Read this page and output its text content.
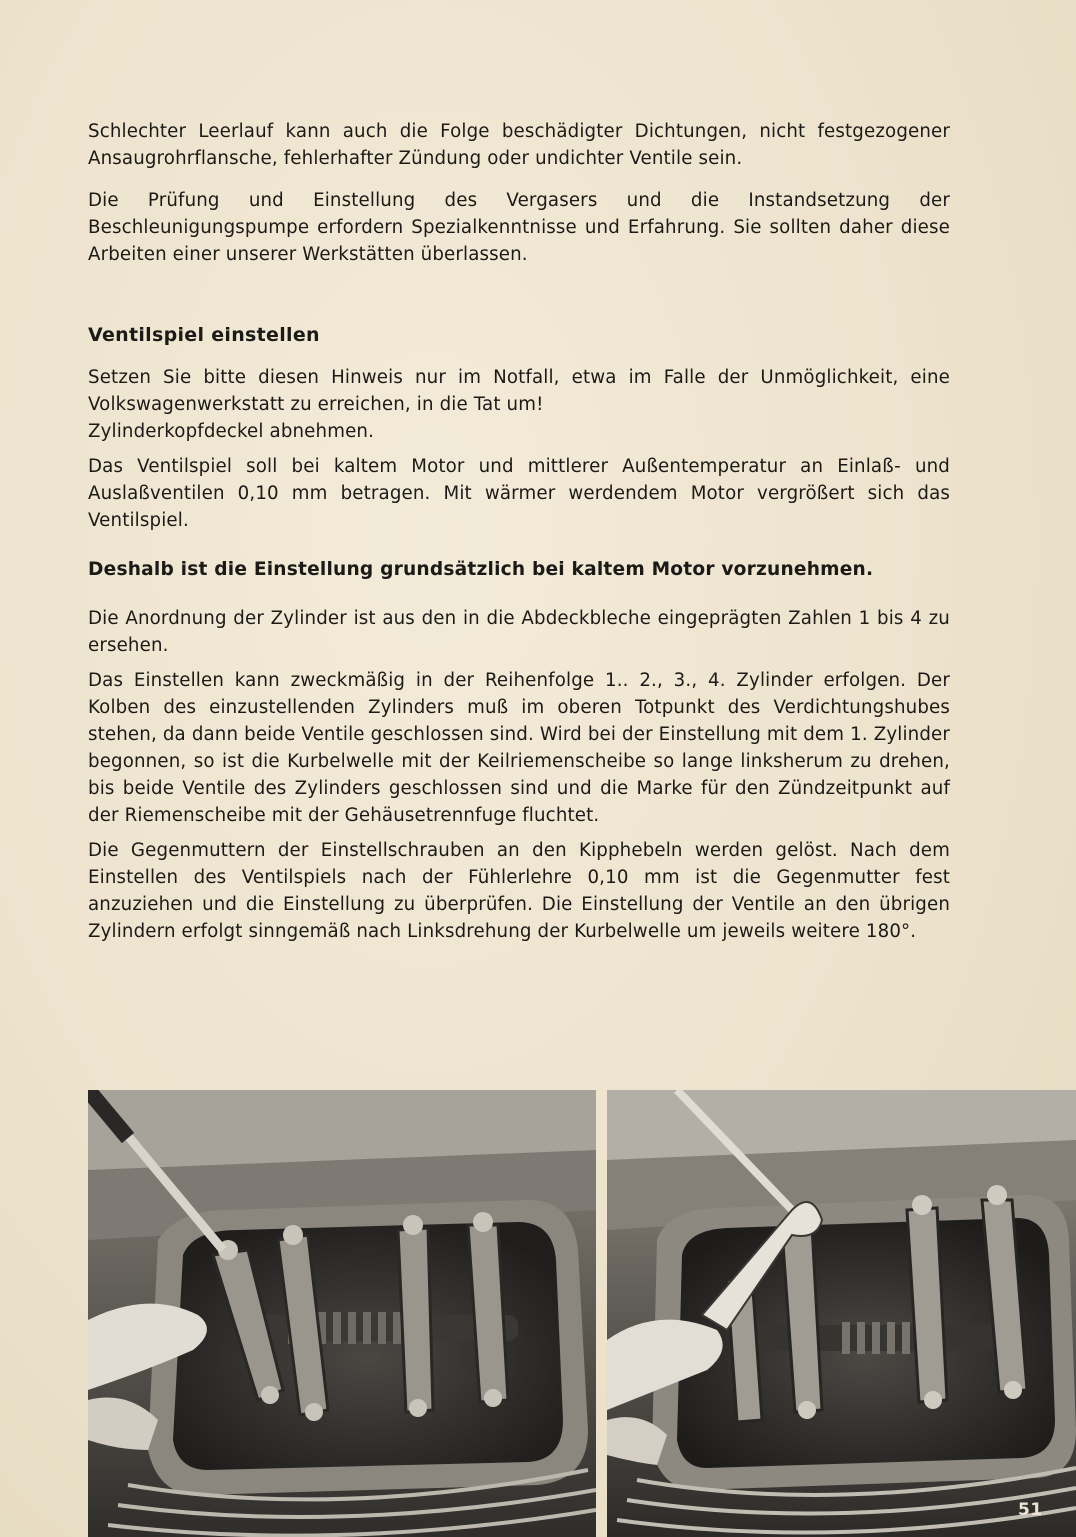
Schlechter Leerlauf kann auch die Folge beschädigter Dichtungen, nicht festgezogener Ansaugrohrflansche, fehlerhafter Zündung oder undichter Ventile sein.

Die Prüfung und Einstellung des Vergasers und die Instandsetzung der Beschleunigungspumpe erfordern Spezialkenntnisse und Erfahrung. Sie sollten daher diese Arbeiten einer unserer Werkstätten überlassen.

Ventilspiel einstellen

Setzen Sie bitte diesen Hinweis nur im Notfall, etwa im Falle der Unmöglichkeit, eine Volkswagenwerkstatt zu erreichen, in die Tat um!

Zylinderkopfdeckel abnehmen.

Das Ventilspiel soll bei kaltem Motor und mittlerer Außentemperatur an Einlaß- und Auslaßventilen 0,10 mm betragen. Mit wärmer werdendem Motor vergrößert sich das Ventilspiel.

Deshalb ist die Einstellung grundsätzlich bei kaltem Motor vorzunehmen.

Die Anordnung der Zylinder ist aus den in die Abdeckbleche eingeprägten Zahlen 1 bis 4 zu ersehen.

Das Einstellen kann zweckmäßig in der Reihenfolge 1.. 2., 3., 4. Zylinder erfolgen. Der Kolben des einzustellenden Zylinders muß im oberen Totpunkt des Verdichtungshubes stehen, da dann beide Ventile geschlossen sind. Wird bei der Einstellung mit dem 1. Zylinder begonnen, so ist die Kurbelwelle mit der Keilriemenscheibe so lange linksherum zu drehen, bis beide Ventile des Zylinders geschlossen sind und die Marke für den Zündzeitpunkt auf der Riemenscheibe mit der Gehäusetrennfuge fluchtet.

Die Gegenmuttern der Einstellschrauben an den Kipphebeln werden gelöst. Nach dem Einstellen des Ventilspiels nach der Fühlerlehre 0,10 mm ist die Gegenmutter fest anzuziehen und die Einstellung zu überprüfen. Die Einstellung der Ventile an den übrigen Zylindern erfolgt sinngemäß nach Linksdrehung der Kurbelwelle um jeweils weitere 180°.

51
